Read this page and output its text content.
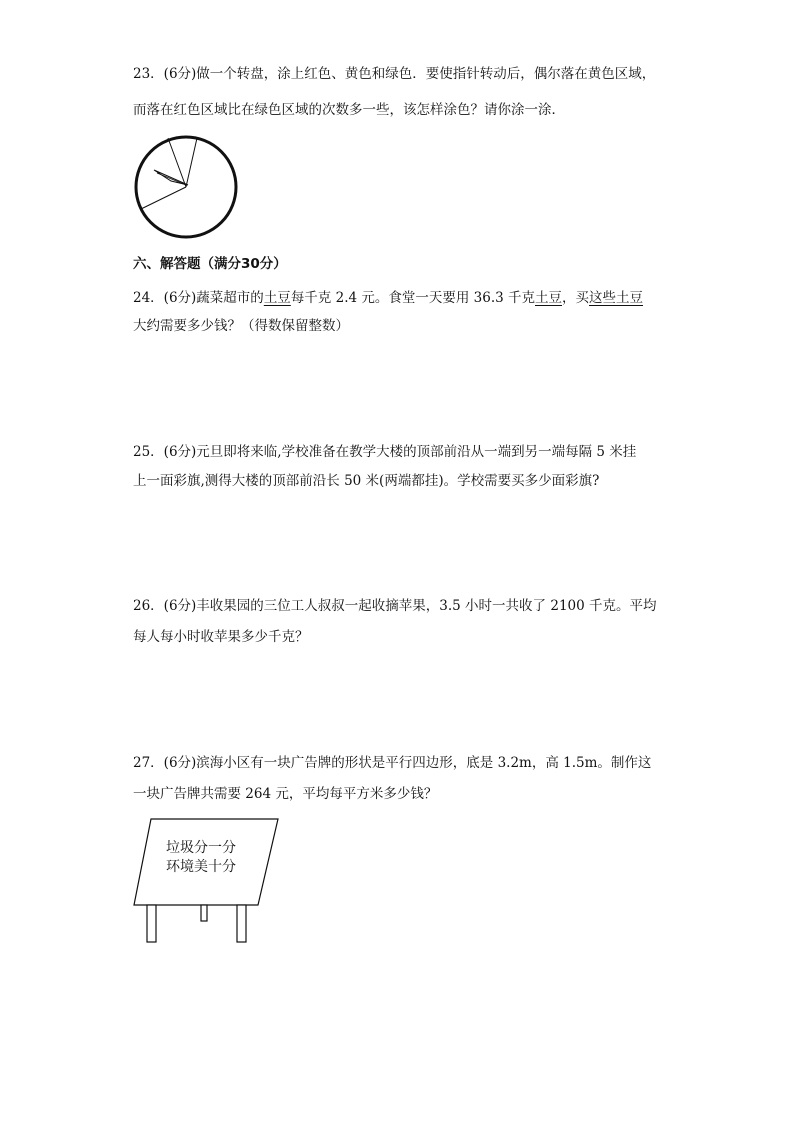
23．(6分)做一个转盘，涂上红色、黄色和绿色．要使指针转动后，偶尔落在黄色区域，
而落在红色区域比在绿色区域的次数多一些，该怎样涂色？请你涂一涂．
六、解答题（满分30分）
24．(6分)蔬菜超市的土豆每千克 2.4 元。食堂一天要用 36.3 千克土豆，买这些土豆
大约需要多少钱？（得数保留整数）
25．(6分)元旦即将来临,学校准备在教学大楼的顶部前沿从一端到另一端每隔 5 米挂
上一面彩旗,测得大楼的顶部前沿长 50 米(两端都挂)。学校需要买多少面彩旗?
26．(6分)丰收果园的三位工人叔叔一起收摘苹果，3.5 小时一共收了 2100 千克。平均
每人每小时收苹果多少千克？
27．(6分)滨海小区有一块广告牌的形状是平行四边形，底是 3.2m，高 1.5m。制作这
一块广告牌共需要 264 元，平均每平方米多少钱？
垃圾分一分
环境美十分
